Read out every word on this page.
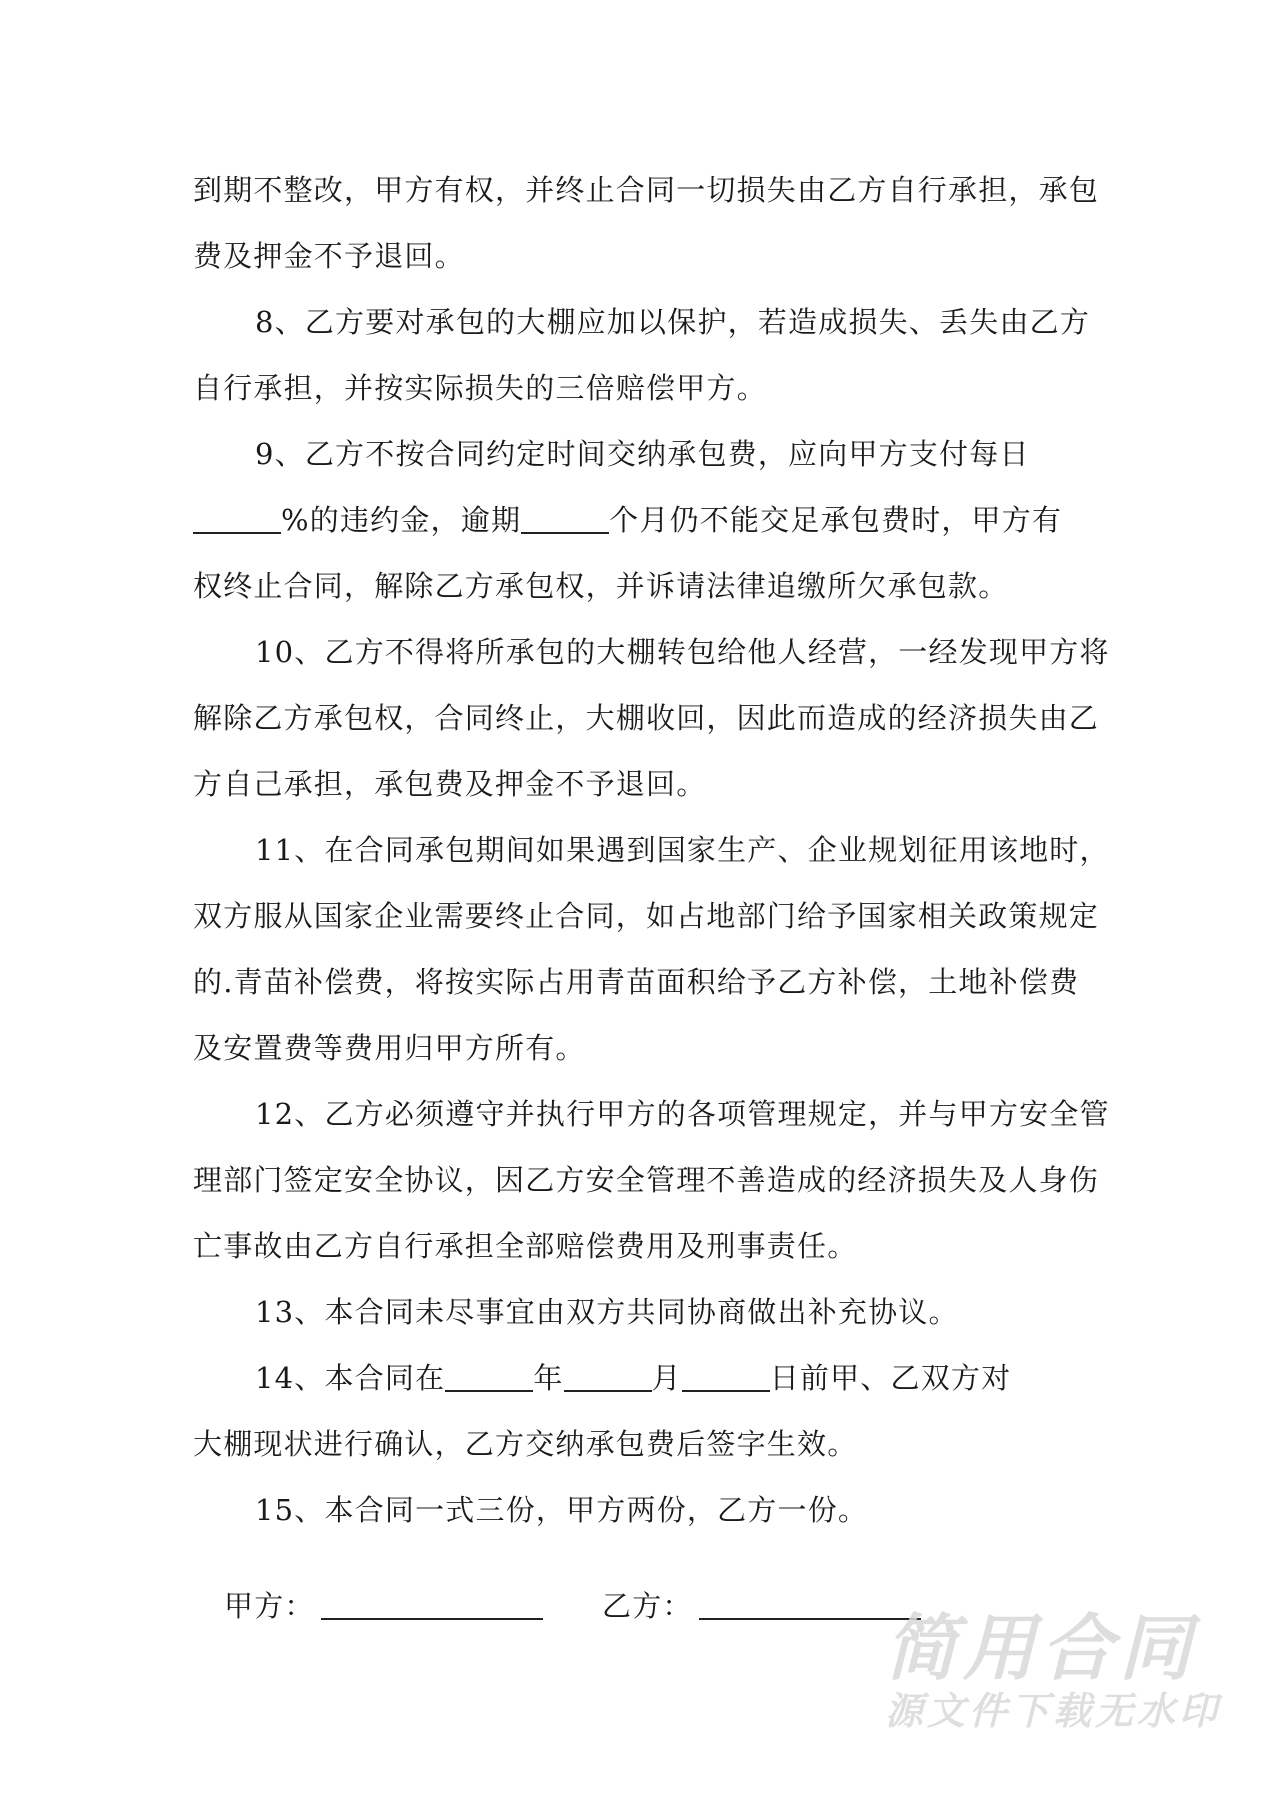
到期不整改，甲方有权，并终止合同一切损失由乙方自行承担，承包
费及押金不予退回。
8、乙方要对承包的大棚应加以保护，若造成损失、丢失由乙方
自行承担，并按实际损失的三倍赔偿甲方。
9、乙方不按合同约定时间交纳承包费，应向甲方支付每日
%的违约金，逾期	个月仍不能交足承包费时，甲方有
权终止合同，解除乙方承包权，并诉请法律追缴所欠承包款。
10、乙方不得将所承包的大棚转包给他人经营，一经发现甲方将
解除乙方承包权，合同终止，大棚收回，因此而造成的经济损失由乙
方自己承担，承包费及押金不予退回。
11、在合同承包期间如果遇到国家生产、企业规划征用该地时，
双方服从国家企业需要终止合同，如占地部门给予国家相关政策规定
的.青苗补偿费，将按实际占用青苗面积给予乙方补偿，土地补偿费
及安置费等费用归甲方所有。
12、乙方必须遵守并执行甲方的各项管理规定，并与甲方安全管
理部门签定安全协议，因乙方安全管理不善造成的经济损失及人身伤
亡事故由乙方自行承担全部赔偿费用及刑事责任。
13、本合同未尽事宜由双方共同协商做出补充协议。
14、本合同在	年	月	日前甲、乙双方对
大棚现状进行确认，乙方交纳承包费后签字生效。
15、本合同一式三份，甲方两份，乙方一份。
甲方：	乙方：	简用合同
源文件下载无水印
